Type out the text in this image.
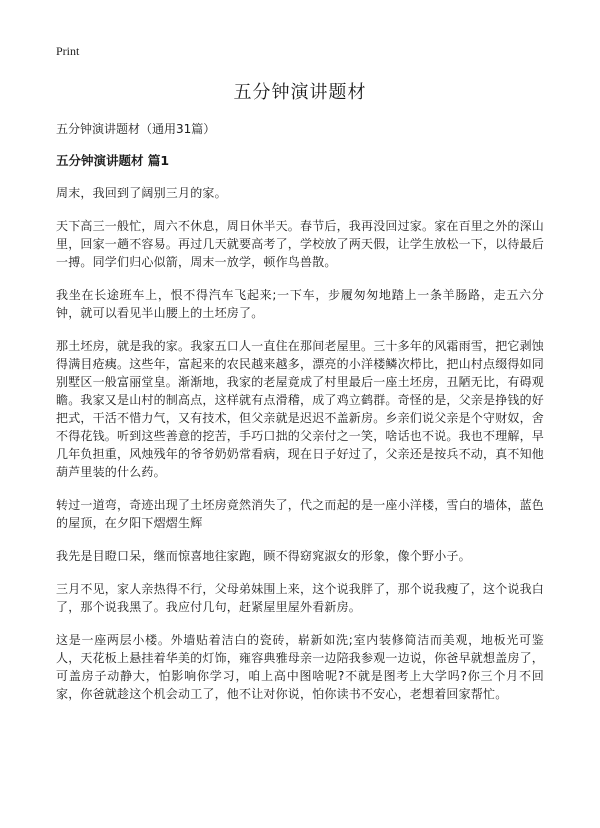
Print
五分钟演讲题材

五分钟演讲题材（通用31篇）

五分钟演讲题材 篇1

周末，我回到了阔别三月的家。

天下高三一般忙，周六不休息，周日休半天。春节后，我再没回过家。家在百里之外的深山里，回家一趟不容易。再过几天就要高考了，学校放了两天假，让学生放松一下，以待最后一搏。同学们归心似箭，周末一放学，顿作鸟兽散。

我坐在长途班车上，恨不得汽车飞起来;一下车，步履匆匆地踏上一条羊肠路，走五六分钟，就可以看见半山腰上的土坯房了。

那土坯房，就是我的家。我家五口人一直住在那间老屋里。三十多年的风霜雨雪，把它剥蚀得满目疮痍。这些年，富起来的农民越来越多，漂亮的小洋楼鳞次栉比，把山村点缀得如同别墅区一般富丽堂皇。渐渐地，我家的老屋竟成了村里最后一座土坯房，丑陋无比，有碍观瞻。我家又是山村的制高点，这样就有点滑稽，成了鸡立鹤群。奇怪的是，父亲是挣钱的好把式，干活不惜力气，又有技术，但父亲就是迟迟不盖新房。乡亲们说父亲是个守财奴，舍不得花钱。听到这些善意的挖苦，手巧口拙的父亲付之一笑，啥话也不说。我也不理解，早几年负担重，风烛残年的爷爷奶奶常看病，现在日子好过了，父亲还是按兵不动，真不知他葫芦里装的什么药。

转过一道弯，奇迹出现了土坯房竟然消失了，代之而起的是一座小洋楼，雪白的墙体，蓝色的屋顶，在夕阳下熠熠生辉

我先是目瞪口呆，继而惊喜地往家跑，顾不得窈窕淑女的形象，像个野小子。

三月不见，家人亲热得不行，父母弟妹围上来，这个说我胖了，那个说我瘦了，这个说我白了，那个说我黑了。我应付几句，赶紧屋里屋外看新房。

这是一座两层小楼。外墙贴着洁白的瓷砖，崭新如洗;室内装修简洁而美观，地板光可鉴人，天花板上悬挂着华美的灯饰，雍容典雅母亲一边陪我参观一边说，你爸早就想盖房了，可盖房子动静大，怕影响你学习，咱上高中图啥呢?不就是图考上大学吗?你三个月不回家，你爸就趁这个机会动工了，他不让对你说，怕你读书不安心，老想着回家帮忙。
